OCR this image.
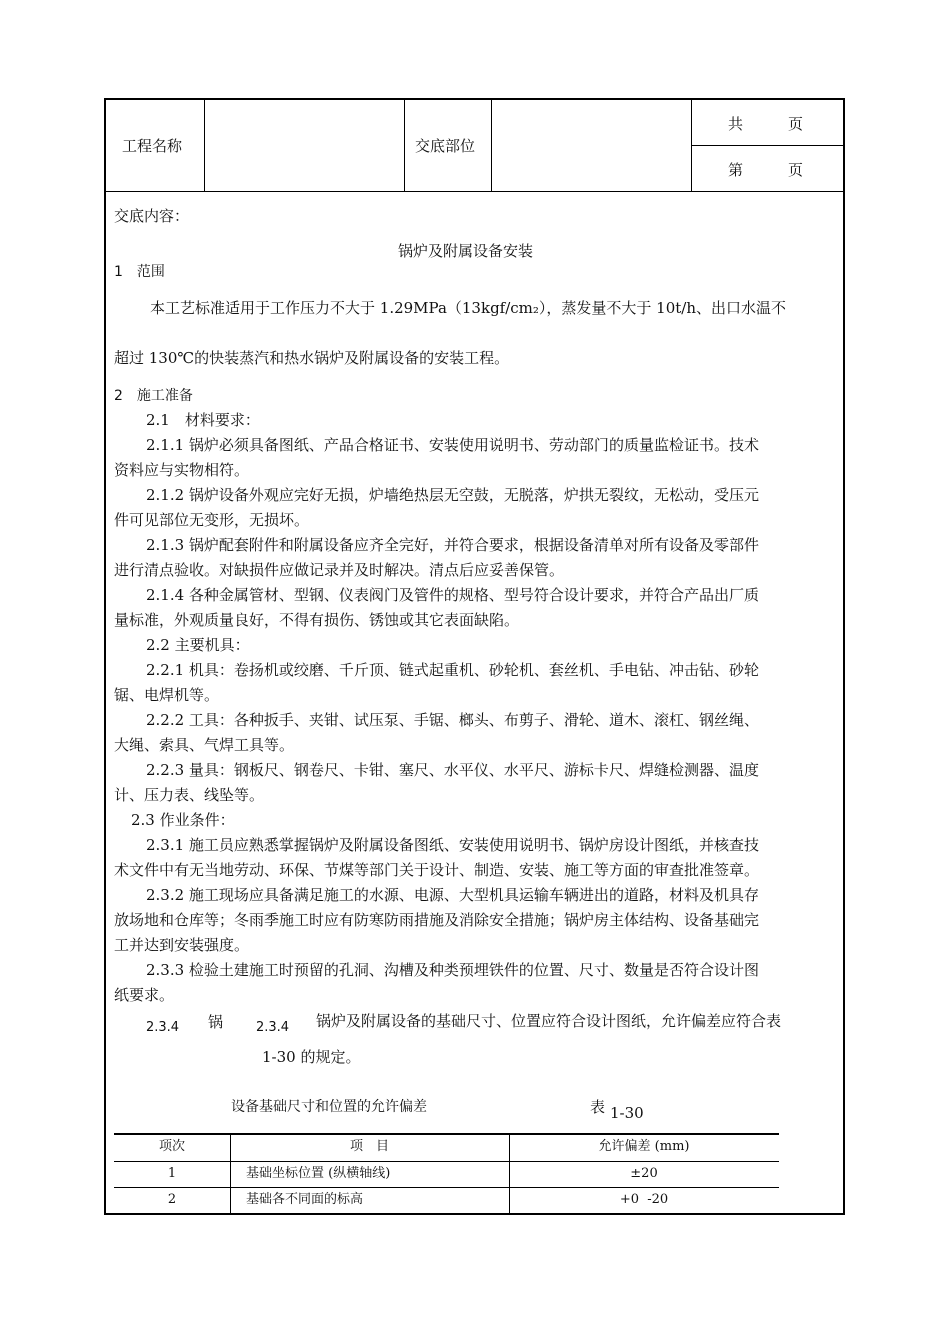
工程名称	交底部位
共　　　页
第　　　页
交底内容：
锅炉及附属设备安装
1　范围
本工艺标准适用于工作压力不大于 1.29MPa（13kgf/cm₂），蒸发量不大于 10t/h、出口水温不
超过 130℃的快装蒸汽和热水锅炉及附属设备的安装工程。
2　施工准备
2.1　材料要求：
2.1.1 锅炉必须具备图纸、产品合格证书、安装使用说明书、劳动部门的质量监检证书。技术
资料应与实物相符。
2.1.2 锅炉设备外观应完好无损，炉墙绝热层无空鼓，无脱落，炉拱无裂纹，无松动，受压元
件可见部位无变形，无损坏。
2.1.3 锅炉配套附件和附属设备应齐全完好，并符合要求，根据设备清单对所有设备及零部件
进行清点验收。对缺损件应做记录并及时解决。清点后应妥善保管。
2.1.4 各种金属管材、型钢、仪表阀门及管件的规格、型号符合设计要求，并符合产品出厂质
量标准，外观质量良好，不得有损伤、锈蚀或其它表面缺陷。
2.2 主要机具：
2.2.1 机具：卷扬机或绞磨、千斤顶、链式起重机、砂轮机、套丝机、手电钻、冲击钻、砂轮
锯、电焊机等。
2.2.2 工具：各种扳手、夹钳、试压泵、手锯、榔头、布剪子、滑轮、道木、滚杠、钢丝绳、
大绳、索具、气焊工具等。
2.2.3 量具：钢板尺、钢卷尺、卡钳、塞尺、水平仪、水平尺、游标卡尺、焊缝检测器、温度
计、压力表、线坠等。
2.3 作业条件：
2.3.1 施工员应熟悉掌握锅炉及附属设备图纸、安装使用说明书、锅炉房设计图纸，并核查技
术文件中有无当地劳动、环保、节煤等部门关于设计、制造、安装、施工等方面的审查批准签章。
2.3.2 施工现场应具备满足施工的水源、电源、大型机具运输车辆进出的道路，材料及机具存
放场地和仓库等；冬雨季施工时应有防寒防雨措施及消除安全措施；锅炉房主体结构、设备基础完
工并达到安装强度。
2.3.3 检验土建施工时预留的孔洞、沟槽及种类预埋铁件的位置、尺寸、数量是否符合设计图
纸要求。
2.3.4 锅	2.3.4 锅炉及附属设备的基础尺寸、位置应符合设计图纸，允许偏差应符合表
1-30 的规定。
设备基础尺寸和位置的允许偏差	表 1-30
项次	项　目	允许偏差 (mm)
1	基础坐标位置 (纵横轴线)	±20
2	基础各不同面的标高	+0  -20
